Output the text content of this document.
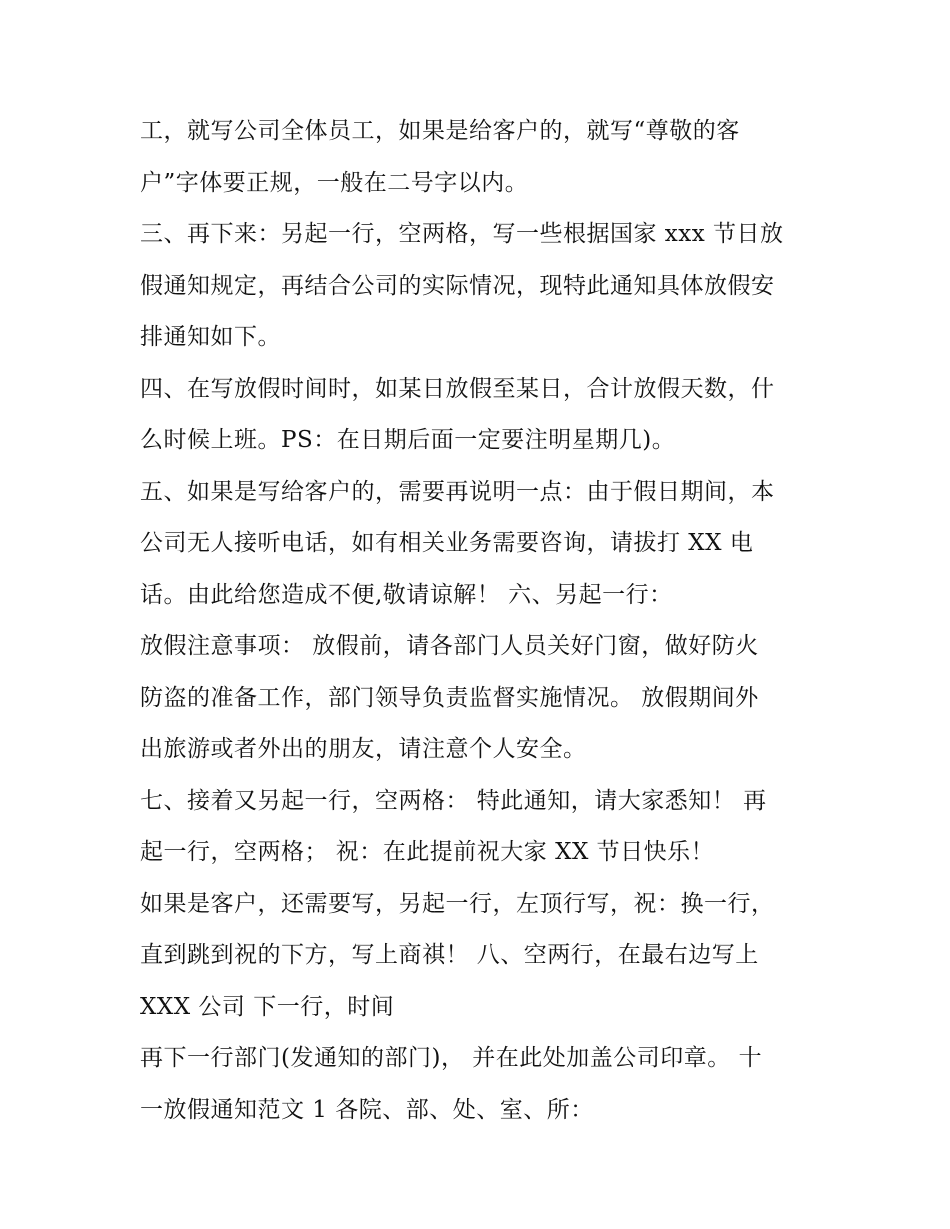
工，就写公司全体员工，如果是给客户的，就写“尊敬的客
户”字体要正规，一般在二号字以内。
三、再下来：另起一行，空两格，写一些根据国家 xxx 节日放
假通知规定，再结合公司的实际情况，现特此通知具体放假安
排通知如下。
四、在写放假时间时，如某日放假至某日，合计放假天数，什
么时候上班。PS：在日期后面一定要注明星期几)。
五、如果是写给客户的，需要再说明一点：由于假日期间，本
公司无人接听电话，如有相关业务需要咨询，请拔打 XX 电
话。由此给您造成不便,敬请谅解！ 六、另起一行：
放假注意事项： 放假前，请各部门人员关好门窗，做好防火
防盗的准备工作，部门领导负责监督实施情况。 放假期间外
出旅游或者外出的朋友，请注意个人安全。
七、接着又另起一行，空两格： 特此通知，请大家悉知！ 再
起一行，空两格； 祝：在此提前祝大家 XX 节日快乐！
如果是客户，还需要写，另起一行，左顶行写，祝：换一行，
直到跳到祝的下方，写上商祺！ 八、空两行，在最右边写上
XXX 公司 下一行，时间
再下一行部门(发通知的部门)， 并在此处加盖公司印章。 十
一放假通知范文 1 各院、部、处、室、所：
